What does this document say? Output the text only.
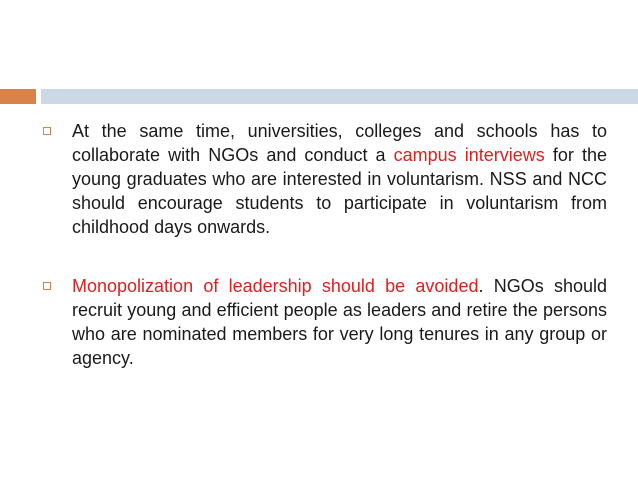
At the same time, universities, colleges and schools has to collaborate with NGOs and conduct a campus interviews for the young graduates who are interested in voluntarism. NSS and NCC should encourage students to participate in voluntarism from childhood days onwards.
Monopolization of leadership should be avoided. NGOs should recruit young and efficient people as leaders and retire the persons who are nominated members for very long tenures in any group or agency.
